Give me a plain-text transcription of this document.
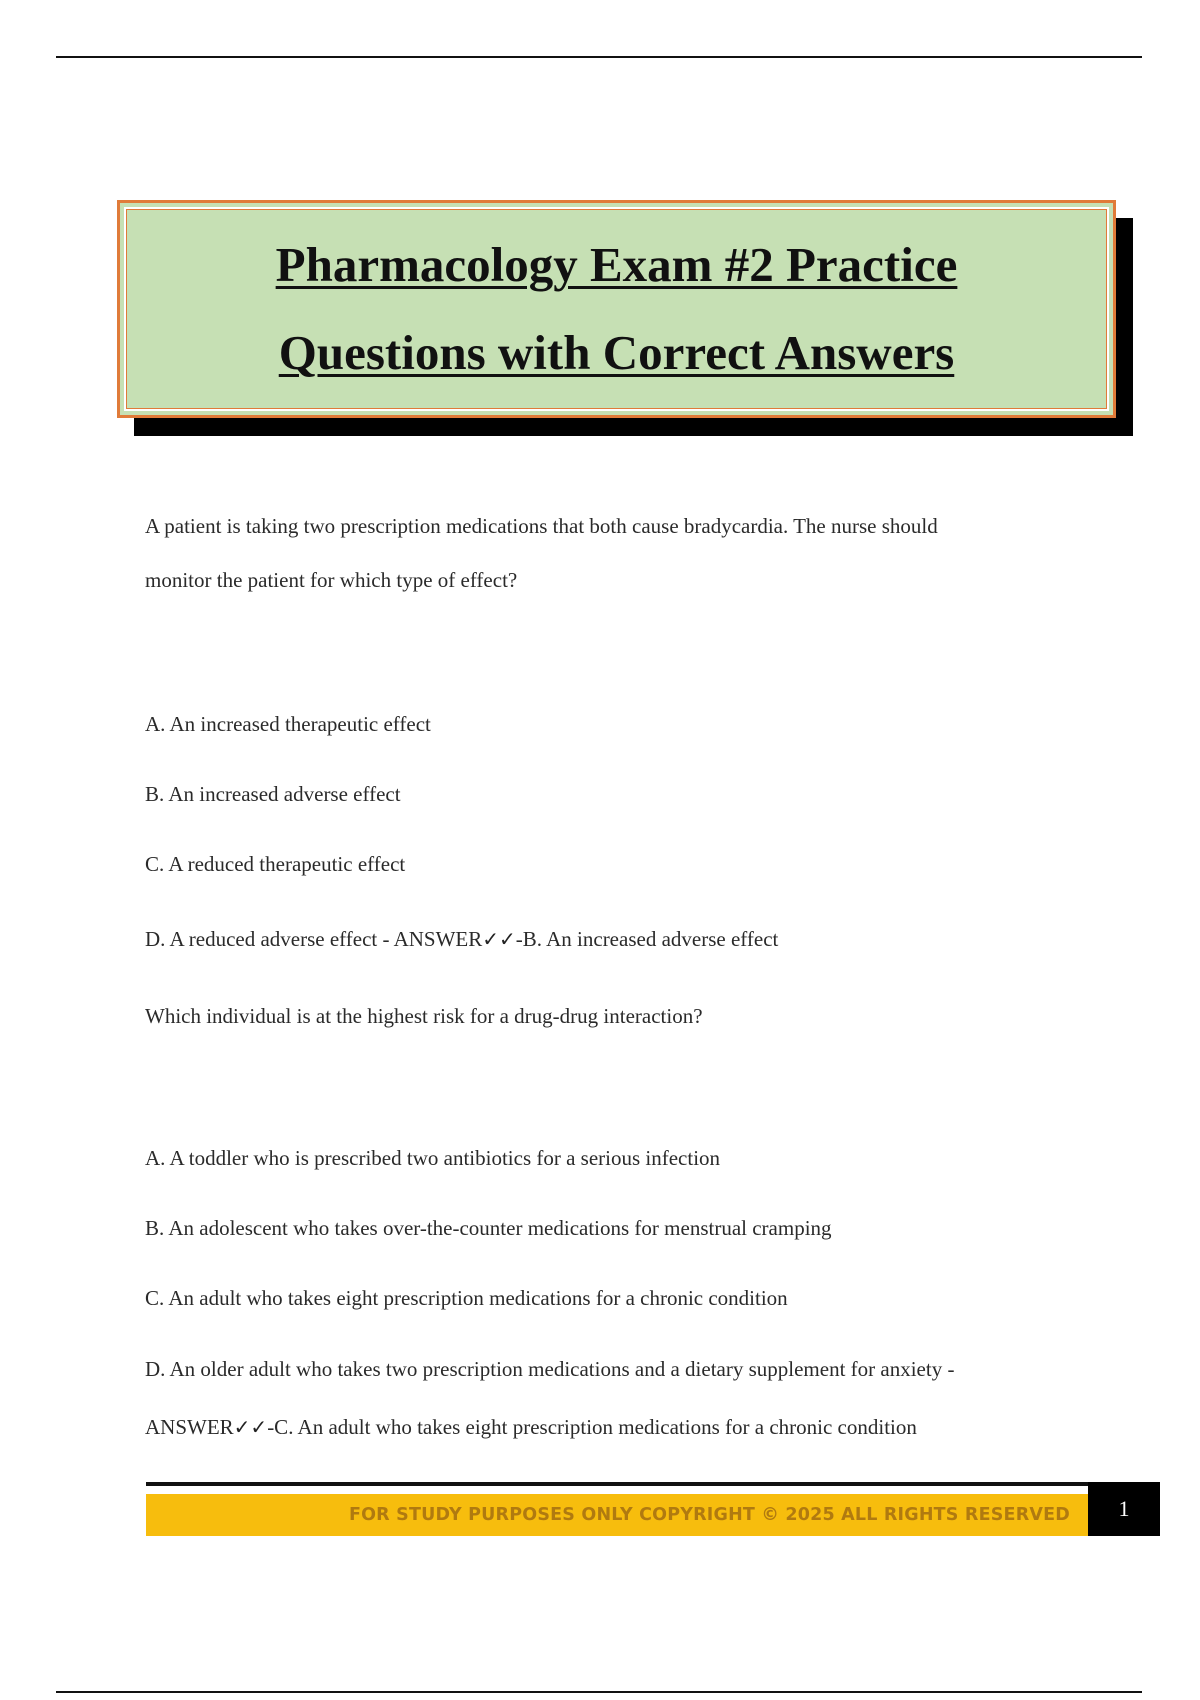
Pharmacology Exam #2 Practice
Questions with Correct Answers
A patient is taking two prescription medications that both cause bradycardia. The nurse should
monitor the patient for which type of effect?
A. An increased therapeutic effect
B. An increased adverse effect
C. A reduced therapeutic effect
D. A reduced adverse effect - ANSWER✓✓-B. An increased adverse effect
Which individual is at the highest risk for a drug-drug interaction?
A. A toddler who is prescribed two antibiotics for a serious infection
B. An adolescent who takes over-the-counter medications for menstrual cramping
C. An adult who takes eight prescription medications for a chronic condition
D. An older adult who takes two prescription medications and a dietary supplement for anxiety -
ANSWER✓✓-C. An adult who takes eight prescription medications for a chronic condition
FOR STUDY PURPOSES ONLY COPYRIGHT © 2025 ALL RIGHTS RESERVED 1
